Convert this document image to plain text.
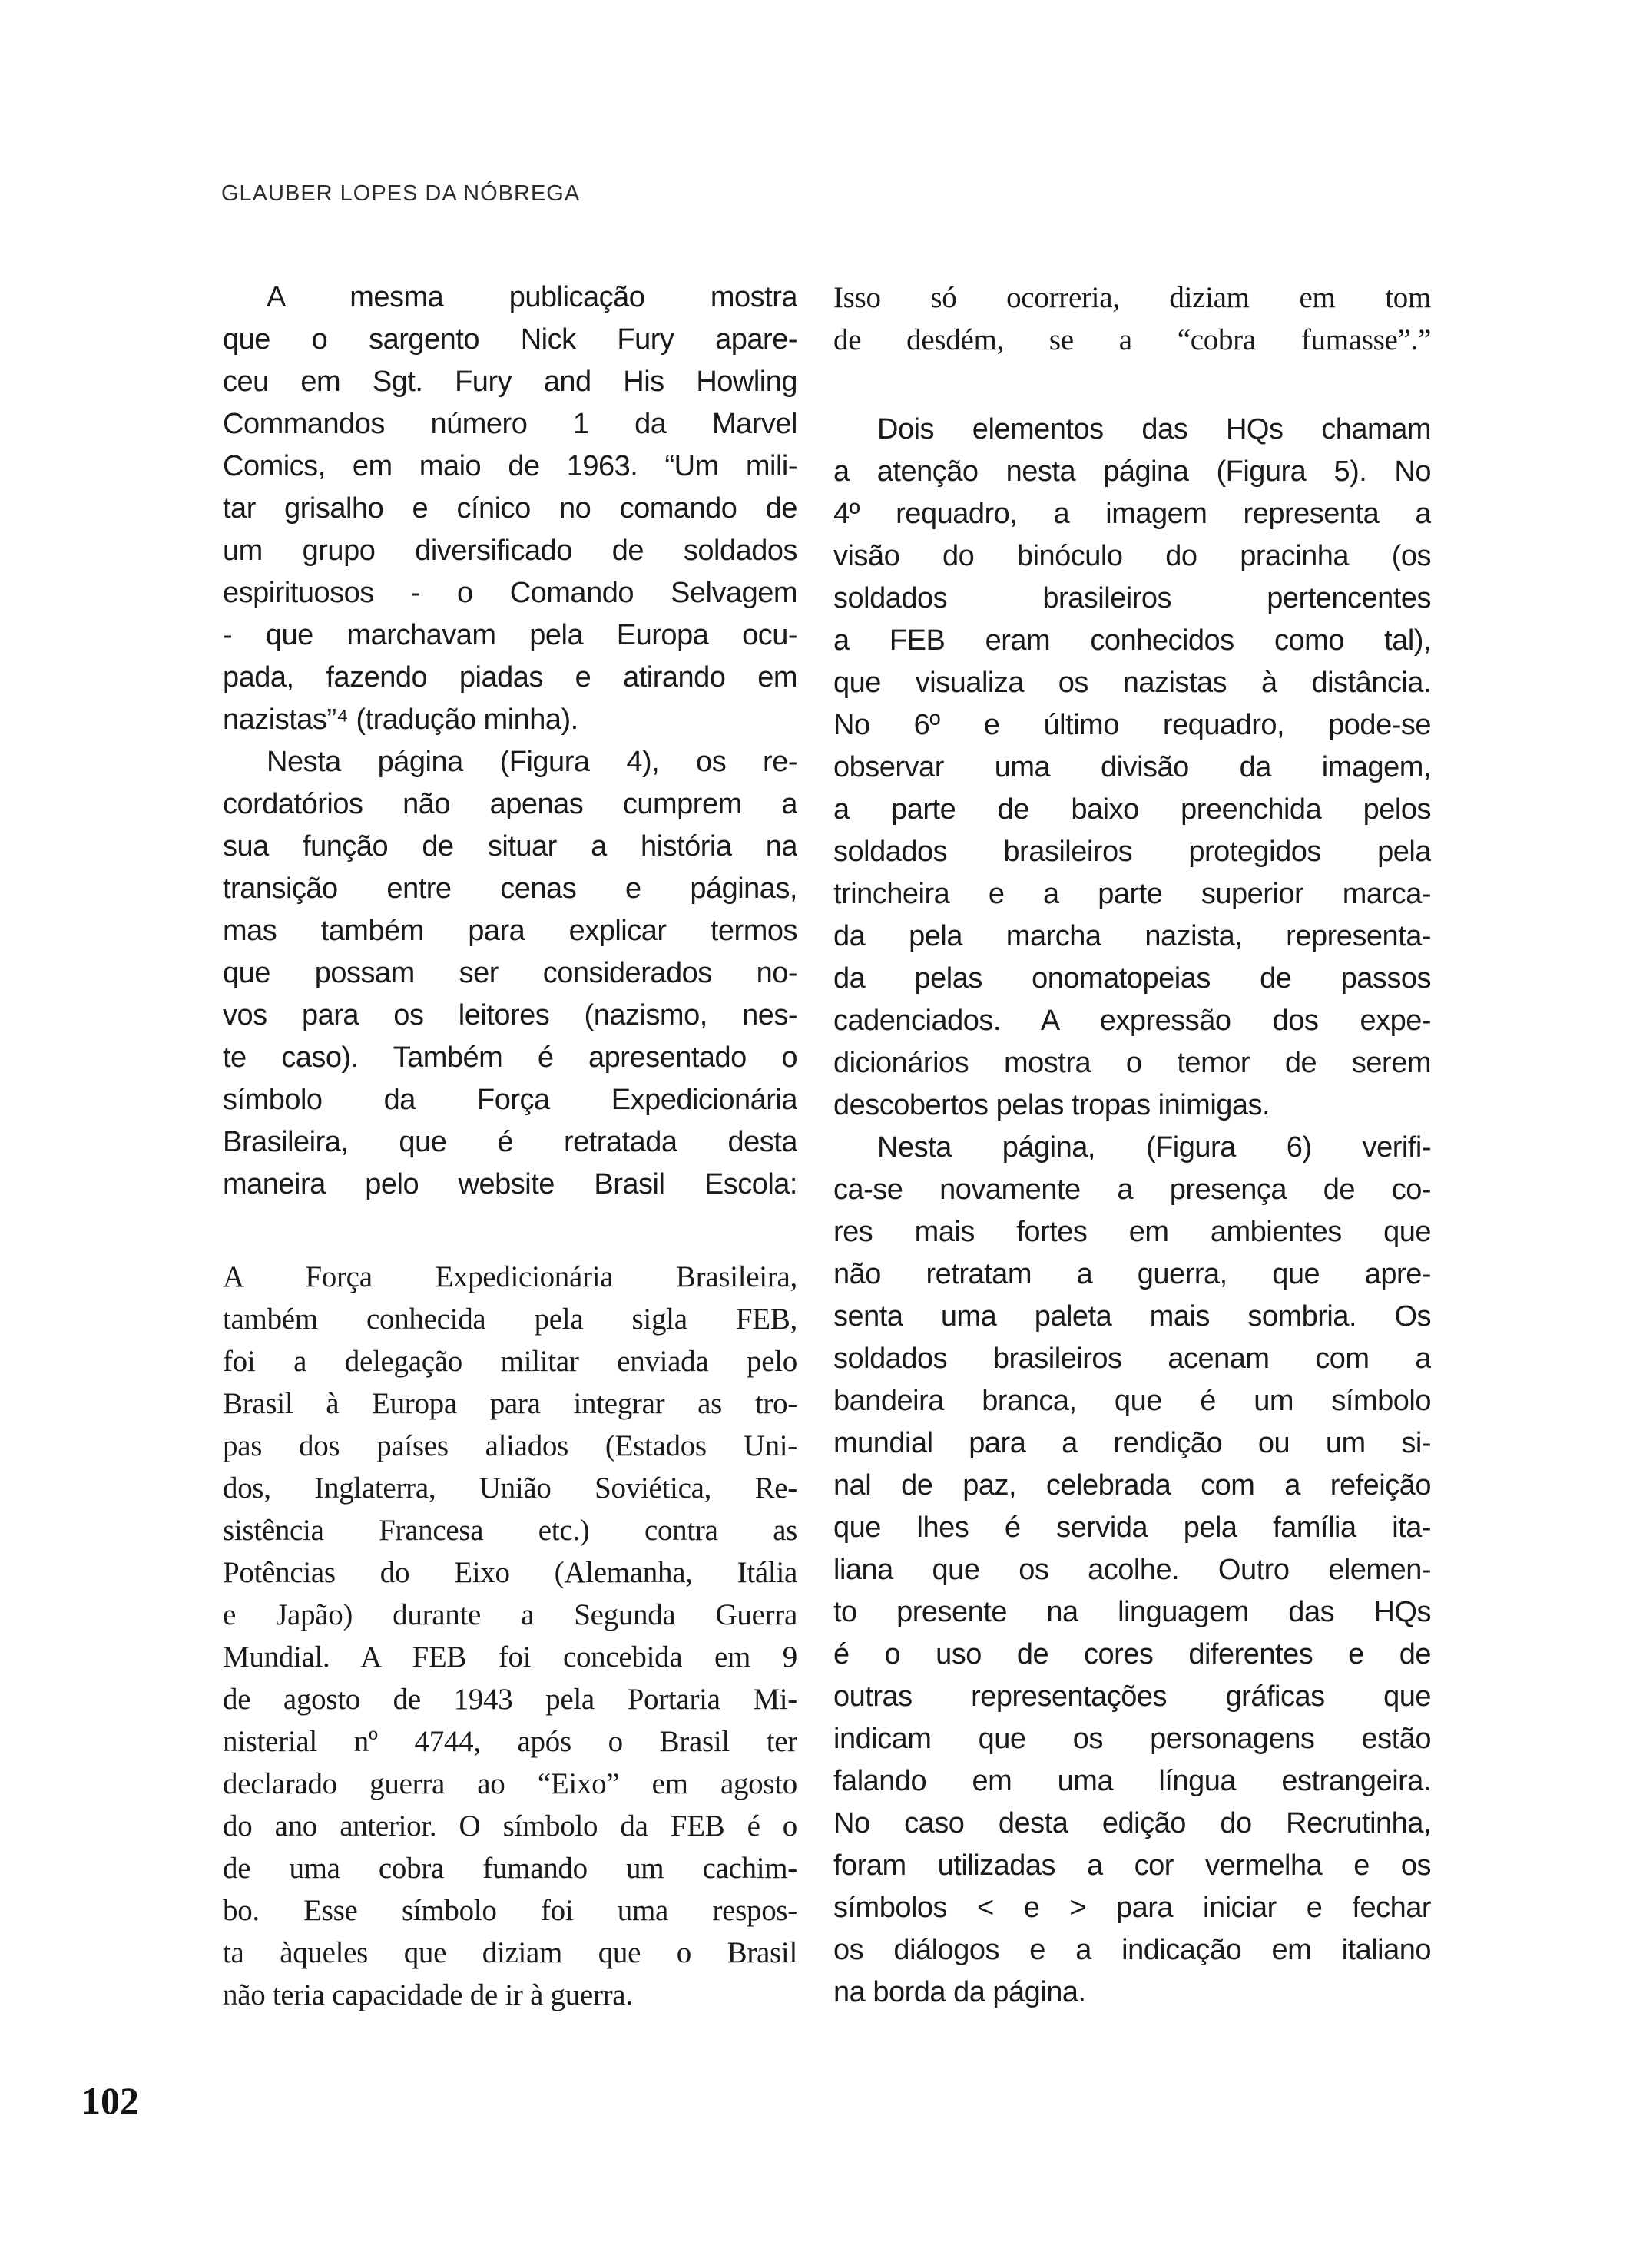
GLAUBER LOPES DA NÓBREGA
A mesma publicação mostra
que o sargento Nick Fury apare-
ceu em Sgt. Fury and His Howling
Commandos número 1 da Marvel
Comics, em maio de 1963. “Um mili-
tar grisalho e cínico no comando de
um grupo diversificado de soldados
espirituosos - o Comando Selvagem
- que marchavam pela Europa ocu-
pada, fazendo piadas e atirando em
nazistas”⁴ (tradução minha).
Nesta página (Figura 4), os re-
cordatórios não apenas cumprem a
sua função de situar a história na
transição entre cenas e páginas,
mas também para explicar termos
que possam ser considerados no-
vos para os leitores (nazismo, nes-
te caso). Também é apresentado o
símbolo da Força Expedicionária
Brasileira, que é retratada desta
maneira pelo website Brasil Escola:
A Força Expedicionária Brasileira,
também conhecida pela sigla FEB,
foi a delegação militar enviada pelo
Brasil à Europa para integrar as tro-
pas dos países aliados (Estados Uni-
dos, Inglaterra, União Soviética, Re-
sistência Francesa etc.) contra as
Potências do Eixo (Alemanha, Itália
e Japão) durante a Segunda Guerra
Mundial. A FEB foi concebida em 9
de agosto de 1943 pela Portaria Mi-
nisterial nº 4744, após o Brasil ter
declarado guerra ao “Eixo” em agosto
do ano anterior. O símbolo da FEB é o
de uma cobra fumando um cachim-
bo. Esse símbolo foi uma respos-
ta àqueles que diziam que o Brasil
não teria capacidade de ir à guerra.
Isso só ocorreria, diziam em tom
de desdém, se a “cobra fumasse”.”
Dois elementos das HQs chamam
a atenção nesta página (Figura 5). No
4º requadro, a imagem representa a
visão do binóculo do pracinha (os
soldados brasileiros pertencentes
a FEB eram conhecidos como tal),
que visualiza os nazistas à distância.
No 6º e último requadro, pode-se
observar uma divisão da imagem,
a parte de baixo preenchida pelos
soldados brasileiros protegidos pela
trincheira e a parte superior marca-
da pela marcha nazista, representa-
da pelas onomatopeias de passos
cadenciados. A expressão dos expe-
dicionários mostra o temor de serem
descobertos pelas tropas inimigas.
Nesta página, (Figura 6) verifi-
ca-se novamente a presença de co-
res mais fortes em ambientes que
não retratam a guerra, que apre-
senta uma paleta mais sombria. Os
soldados brasileiros acenam com a
bandeira branca, que é um símbolo
mundial para a rendição ou um si-
nal de paz, celebrada com a refeição
que lhes é servida pela família ita-
liana que os acolhe. Outro elemen-
to presente na linguagem das HQs
é o uso de cores diferentes e de
outras representações gráficas que
indicam que os personagens estão
falando em uma língua estrangeira.
No caso desta edição do Recrutinha,
foram utilizadas a cor vermelha e os
símbolos < e > para iniciar e fechar
os diálogos e a indicação em italiano
na borda da página.
102
